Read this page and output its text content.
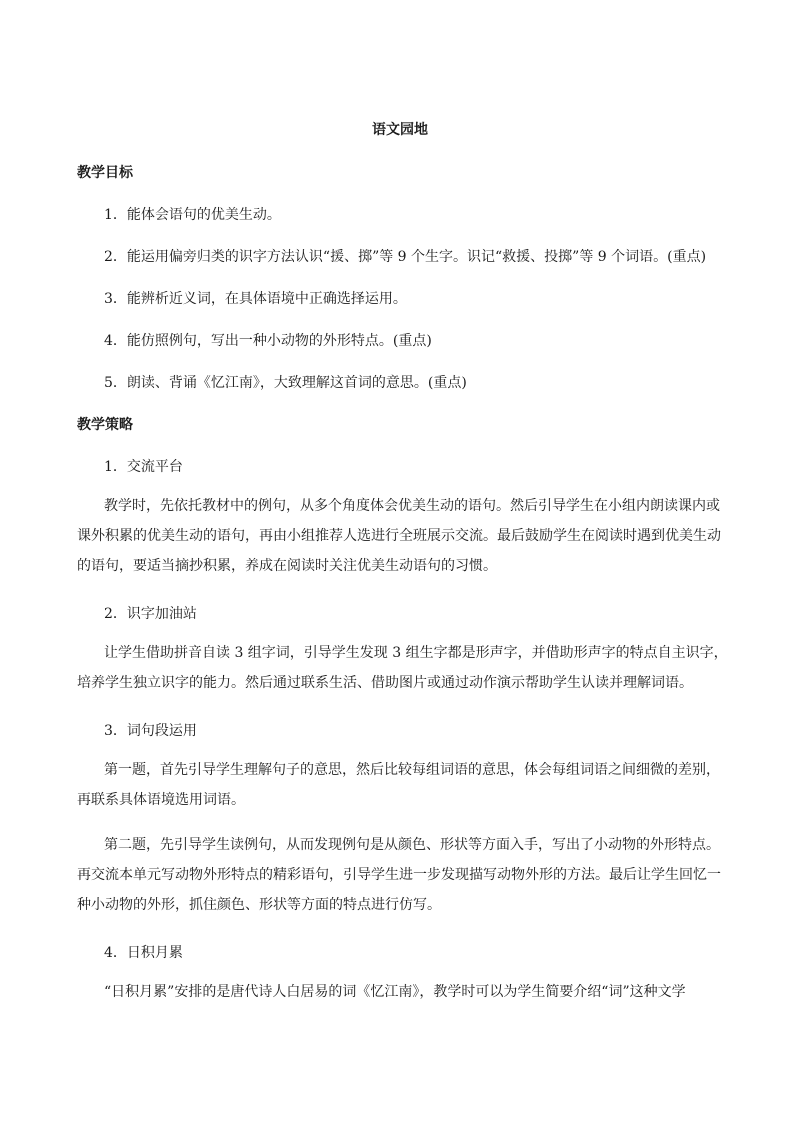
语文园地
教学目标
1．能体会语句的优美生动。
2．能运用偏旁归类的识字方法认识“援、掷”等 9 个生字。识记“救援、投掷”等 9 个词语。(重点)
3．能辨析近义词，在具体语境中正确选择运用。
4．能仿照例句，写出一种小动物的外形特点。(重点)
5．朗读、背诵《忆江南》，大致理解这首词的意思。(重点)
教学策略
1．交流平台
教学时，先依托教材中的例句，从多个角度体会优美生动的语句。然后引导学生在小组内朗读课内或
课外积累的优美生动的语句，再由小组推荐人选进行全班展示交流。最后鼓励学生在阅读时遇到优美生动
的语句，要适当摘抄积累，养成在阅读时关注优美生动语句的习惯。
2．识字加油站
让学生借助拼音自读 3 组字词，引导学生发现 3 组生字都是形声字，并借助形声字的特点自主识字，
培养学生独立识字的能力。然后通过联系生活、借助图片或通过动作演示帮助学生认读并理解词语。
3．词句段运用
第一题，首先引导学生理解句子的意思，然后比较每组词语的意思，体会每组词语之间细微的差别，
再联系具体语境选用词语。
第二题，先引导学生读例句，从而发现例句是从颜色、形状等方面入手，写出了小动物的外形特点。
再交流本单元写动物外形特点的精彩语句，引导学生进一步发现描写动物外形的方法。最后让学生回忆一
种小动物的外形，抓住颜色、形状等方面的特点进行仿写。
4．日积月累
“日积月累”安排的是唐代诗人白居易的词《忆江南》，教学时可以为学生简要介绍“词”这种文学
